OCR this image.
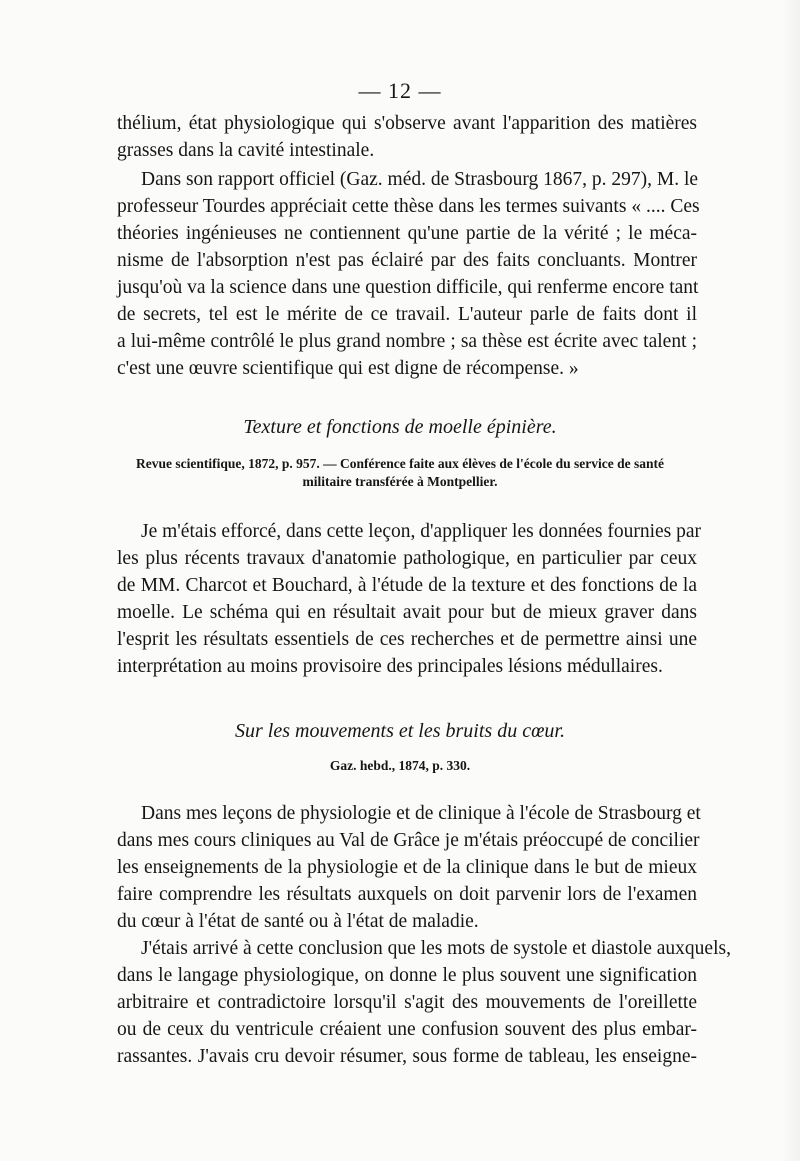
— 12 —
thélium, état physiologique qui s'observe avant l'apparition des matières
grasses dans la cavité intestinale.
Dans son rapport officiel (Gaz. méd. de Strasbourg 1867, p. 297), M. le
professeur Tourdes appréciait cette thèse dans les termes suivants « .... Ces
théories ingénieuses ne contiennent qu'une partie de la vérité ; le méca-
nisme de l'absorption n'est pas éclairé par des faits concluants. Montrer
jusqu'où va la science dans une question difficile, qui renferme encore tant
de secrets, tel est le mérite de ce travail. L'auteur parle de faits dont il
a lui-même contrôlé le plus grand nombre ; sa thèse est écrite avec talent ;
c'est une œuvre scientifique qui est digne de récompense. »
Texture et fonctions de moelle épinière.
Revue scientifique, 1872, p. 957. — Conférence faite aux élèves de l'école du service de santé
militaire transférée à Montpellier.
Je m'étais efforcé, dans cette leçon, d'appliquer les données fournies par
les plus récents travaux d'anatomie pathologique, en particulier par ceux
de MM. Charcot et Bouchard, à l'étude de la texture et des fonctions de la
moelle. Le schéma qui en résultait avait pour but de mieux graver dans
l'esprit les résultats essentiels de ces recherches et de permettre ainsi une
interprétation au moins provisoire des principales lésions médullaires.
Sur les mouvements et les bruits du cœur.
Gaz. hebd., 1874, p. 330.
Dans mes leçons de physiologie et de clinique à l'école de Strasbourg et
dans mes cours cliniques au Val de Grâce je m'étais préoccupé de concilier
les enseignements de la physiologie et de la clinique dans le but de mieux
faire comprendre les résultats auxquels on doit parvenir lors de l'examen
du cœur à l'état de santé ou à l'état de maladie.
J'étais arrivé à cette conclusion que les mots de systole et diastole auxquels,
dans le langage physiologique, on donne le plus souvent une signification
arbitraire et contradictoire lorsqu'il s'agit des mouvements de l'oreillette
ou de ceux du ventricule créaient une confusion souvent des plus embar-
rassantes. J'avais cru devoir résumer, sous forme de tableau, les enseigne-
